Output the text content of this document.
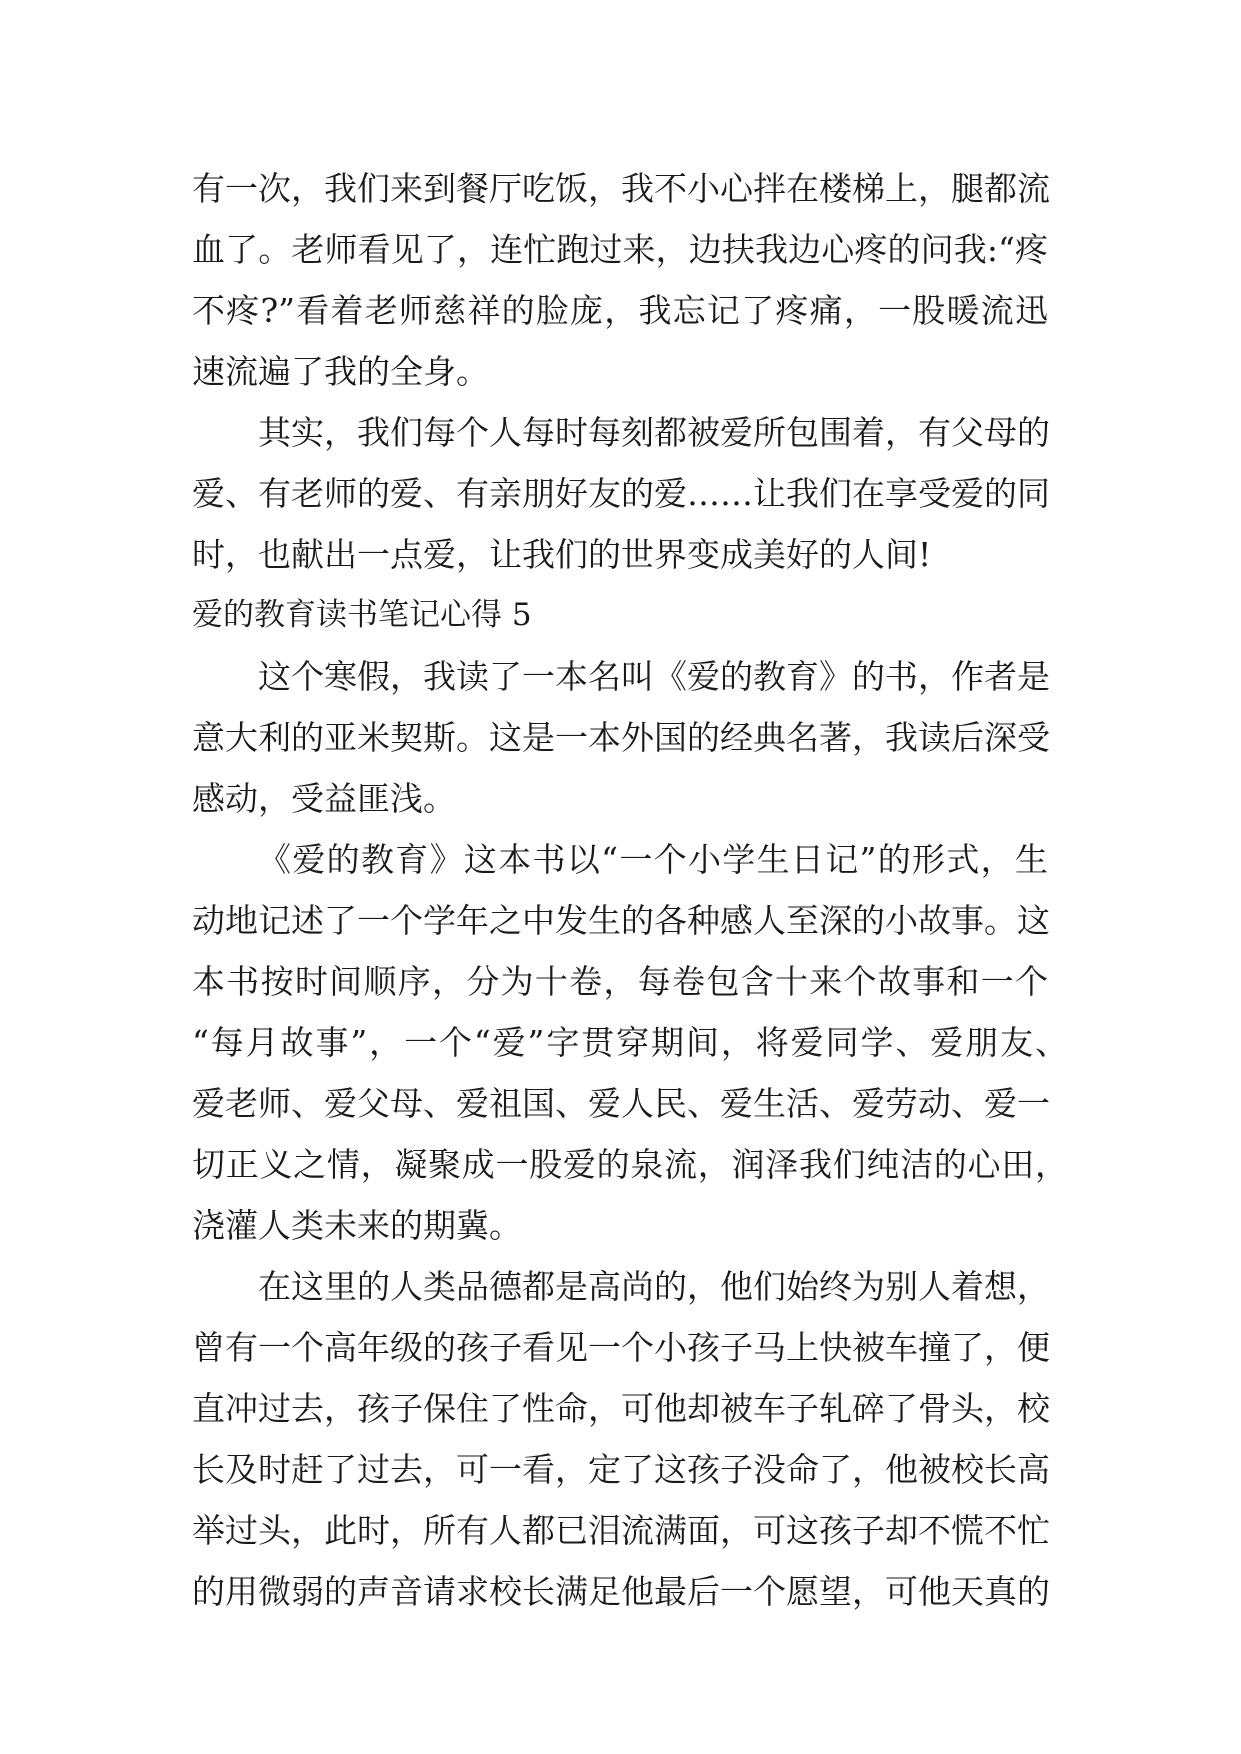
有一次，我们来到餐厅吃饭，我不小心拌在楼梯上，腿都流
血了。老师看见了，连忙跑过来，边扶我边心疼的问我:“疼
不疼?”看着老师慈祥的脸庞，我忘记了疼痛，一股暖流迅
速流遍了我的全身。
其实，我们每个人每时每刻都被爱所包围着，有父母的
爱、有老师的爱、有亲朋好友的爱……让我们在享受爱的同
时，也献出一点爱，让我们的世界变成美好的人间!
爱的教育读书笔记心得 5
这个寒假，我读了一本名叫《爱的教育》的书，作者是
意大利的亚米契斯。这是一本外国的经典名著，我读后深受
感动，受益匪浅。
《爱的教育》这本书以“一个小学生日记”的形式，生
动地记述了一个学年之中发生的各种感人至深的小故事。这
本书按时间顺序，分为十卷，每卷包含十来个故事和一个
“每月故事”，一个“爱”字贯穿期间，将爱同学、爱朋友、
爱老师、爱父母、爱祖国、爱人民、爱生活、爱劳动、爱一
切正义之情，凝聚成一股爱的泉流，润泽我们纯洁的心田，
浇灌人类未来的期冀。
在这里的人类品德都是高尚的，他们始终为别人着想，
曾有一个高年级的孩子看见一个小孩子马上快被车撞了，便
直冲过去，孩子保住了性命，可他却被车子轧碎了骨头，校
长及时赶了过去，可一看，定了这孩子没命了，他被校长高
举过头，此时，所有人都已泪流满面，可这孩子却不慌不忙
的用微弱的声音请求校长满足他最后一个愿望，可他天真的
